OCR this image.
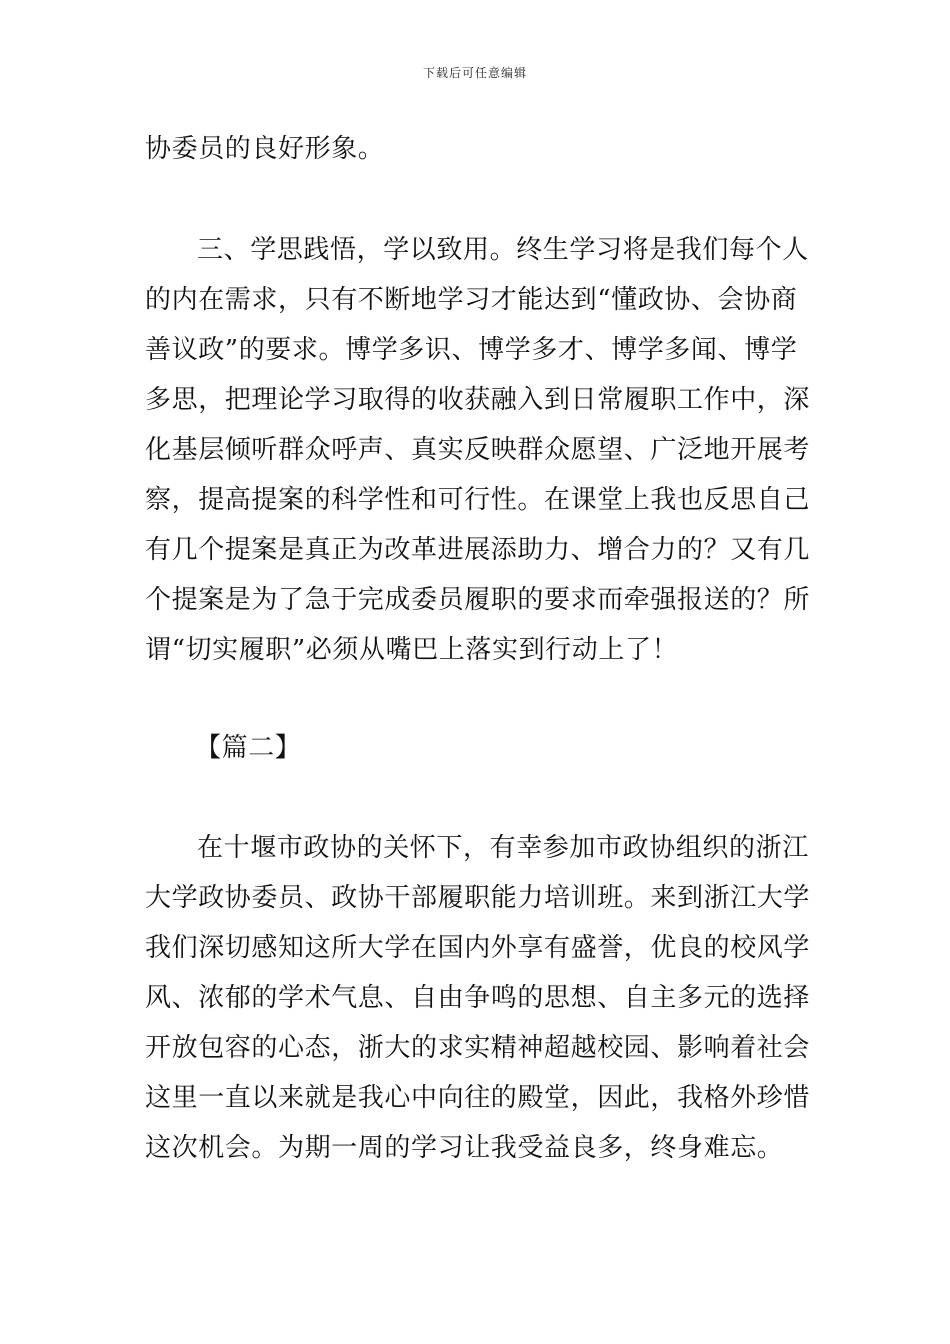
下载后可任意编辑
协委员的良好形象。
三、学思践悟，学以致用。终生学习将是我们每个人
的内在需求，只有不断地学习才能达到“懂政协、会协商
善议政”的要求。博学多识、博学多才、博学多闻、博学
多思，把理论学习取得的收获融入到日常履职工作中，深
化基层倾听群众呼声、真实反映群众愿望、广泛地开展考
察，提高提案的科学性和可行性。在课堂上我也反思自己
有几个提案是真正为改革进展添助力、增合力的？又有几
个提案是为了急于完成委员履职的要求而牵强报送的？所
谓“切实履职”必须从嘴巴上落实到行动上了！
【篇二】
在十堰市政协的关怀下，有幸参加市政协组织的浙江
大学政协委员、政协干部履职能力培训班。来到浙江大学
我们深切感知这所大学在国内外享有盛誉，优良的校风学
风、浓郁的学术气息、自由争鸣的思想、自主多元的选择
开放包容的心态，浙大的求实精神超越校园、影响着社会
这里一直以来就是我心中向往的殿堂，因此，我格外珍惜
这次机会。为期一周的学习让我受益良多，终身难忘。
